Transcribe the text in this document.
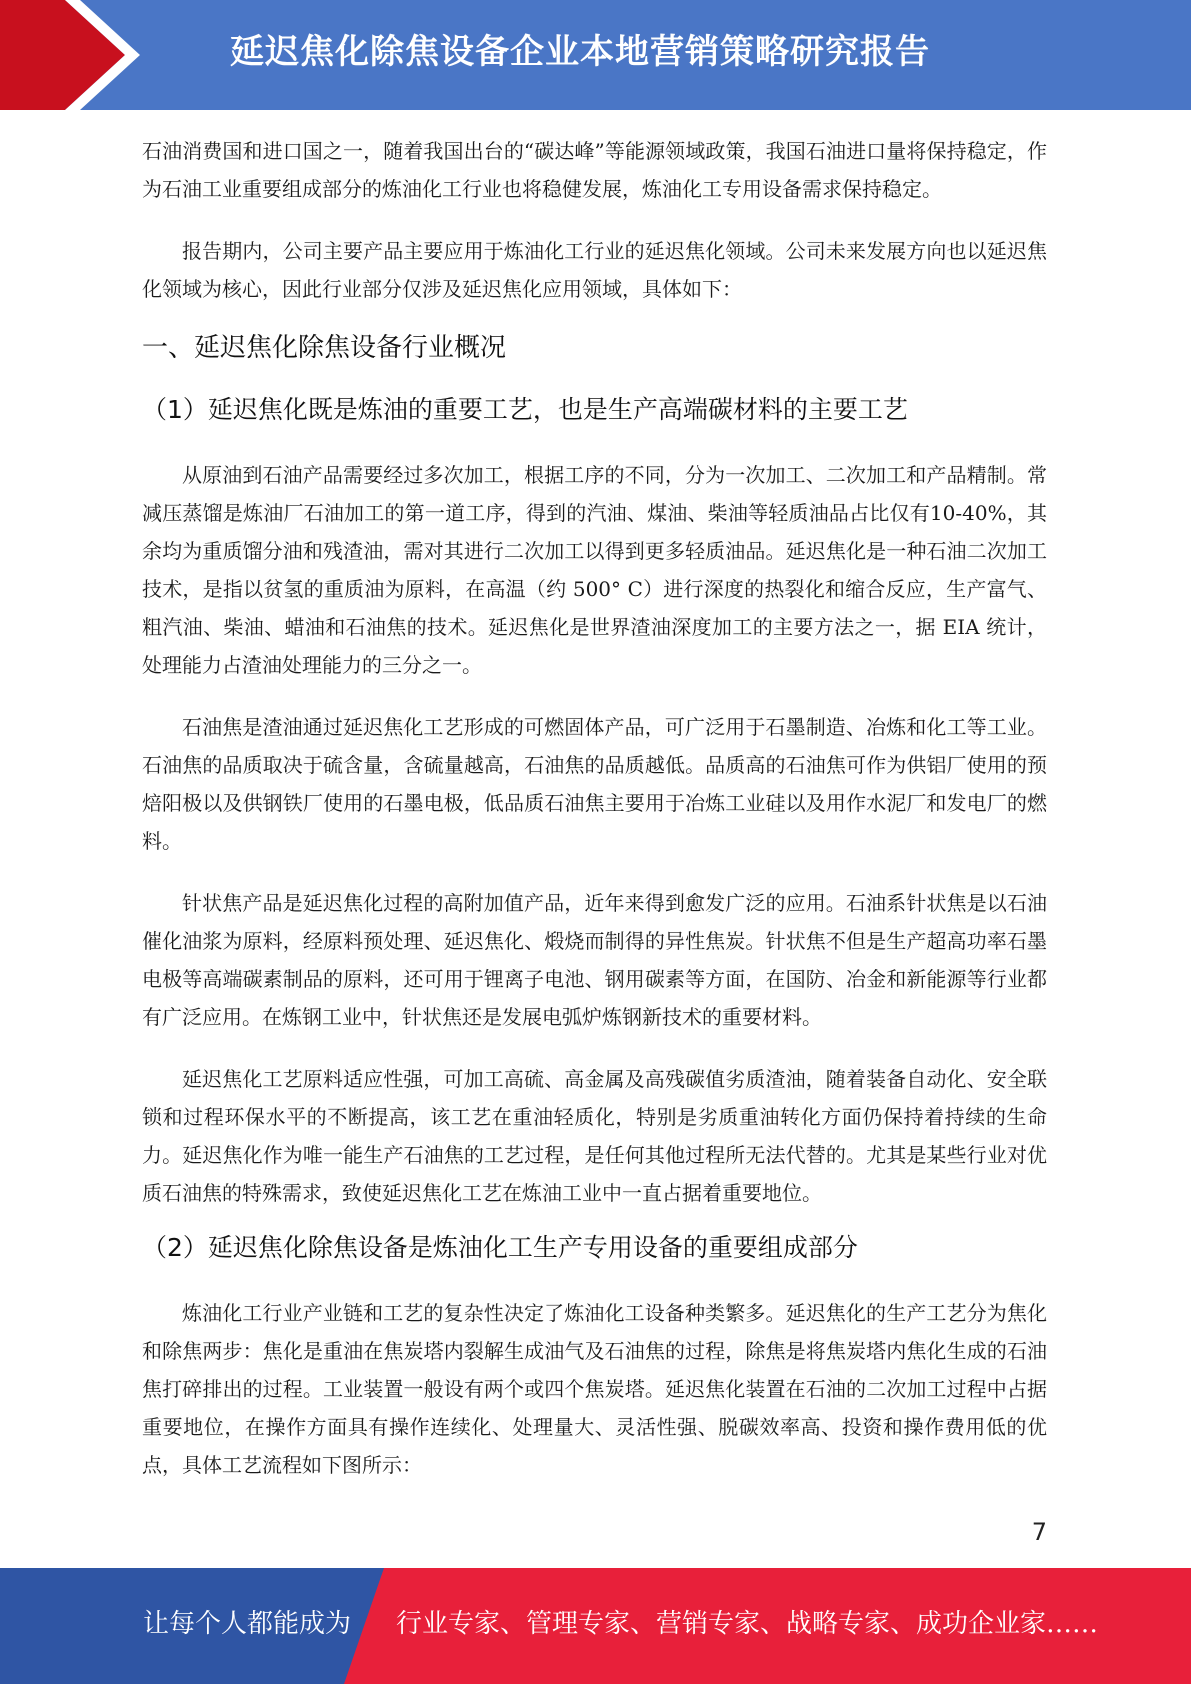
延迟焦化除焦设备企业本地营销策略研究报告

石油消费国和进口国之一，随着我国出台的“碳达峰”等能源领域政策，我国石油进口量将保持稳定，作为石油工业重要组成部分的炼油化工行业也将稳健发展，炼油化工专用设备需求保持稳定。

报告期内，公司主要产品主要应用于炼油化工行业的延迟焦化领域。公司未来发展方向也以延迟焦化领域为核心，因此行业部分仅涉及延迟焦化应用领域，具体如下：

一、延迟焦化除焦设备行业概况
（1）延迟焦化既是炼油的重要工艺，也是生产高端碳材料的主要工艺

从原油到石油产品需要经过多次加工，根据工序的不同，分为一次加工、二次加工和产品精制。常减压蒸馏是炼油厂石油加工的第一道工序，得到的汽油、煤油、柴油等轻质油品占比仅有10-40%，其余均为重质馏分油和残渣油，需对其进行二次加工以得到更多轻质油品。延迟焦化是一种石油二次加工技术，是指以贫氢的重质油为原料，在高温（约 500° C）进行深度的热裂化和缩合反应，生产富气、粗汽油、柴油、蜡油和石油焦的技术。延迟焦化是世界渣油深度加工的主要方法之一，据 EIA 统计，处理能力占渣油处理能力的三分之一。

石油焦是渣油通过延迟焦化工艺形成的可燃固体产品，可广泛用于石墨制造、冶炼和化工等工业。石油焦的品质取决于硫含量，含硫量越高，石油焦的品质越低。品质高的石油焦可作为供铝厂使用的预焙阳极以及供钢铁厂使用的石墨电极，低品质石油焦主要用于冶炼工业硅以及用作水泥厂和发电厂的燃料。

针状焦产品是延迟焦化过程的高附加值产品，近年来得到愈发广泛的应用。石油系针状焦是以石油催化油浆为原料，经原料预处理、延迟焦化、煅烧而制得的异性焦炭。针状焦不但是生产超高功率石墨电极等高端碳素制品的原料，还可用于锂离子电池、钢用碳素等方面，在国防、冶金和新能源等行业都有广泛应用。在炼钢工业中，针状焦还是发展电弧炉炼钢新技术的重要材料。

延迟焦化工艺原料适应性强，可加工高硫、高金属及高残碳值劣质渣油，随着装备自动化、安全联锁和过程环保水平的不断提高，该工艺在重油轻质化，特别是劣质重油转化方面仍保持着持续的生命力。延迟焦化作为唯一能生产石油焦的工艺过程，是任何其他过程所无法代替的。尤其是某些行业对优质石油焦的特殊需求，致使延迟焦化工艺在炼油工业中一直占据着重要地位。

（2）延迟焦化除焦设备是炼油化工生产专用设备的重要组成部分

炼油化工行业产业链和工艺的复杂性决定了炼油化工设备种类繁多。延迟焦化的生产工艺分为焦化和除焦两步：焦化是重油在焦炭塔内裂解生成油气及石油焦的过程，除焦是将焦炭塔内焦化生成的石油焦打碎排出的过程。工业装置一般设有两个或四个焦炭塔。延迟焦化装置在石油的二次加工过程中占据重要地位，在操作方面具有操作连续化、处理量大、灵活性强、脱碳效率高、投资和操作费用低的优点，具体工艺流程如下图所示：

7
让每个人都能成为 行业专家、管理专家、营销专家、战略专家、成功企业家……
